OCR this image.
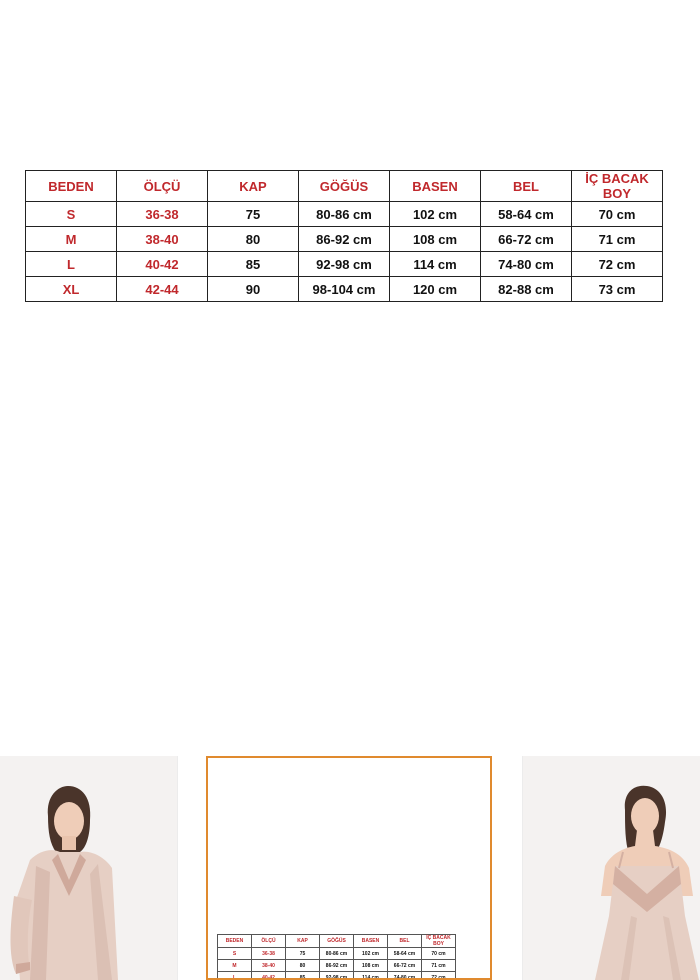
BEDEN	ÖLÇÜ	KAP	GÖĞÜS	BASEN	BEL	İÇ BACAK BOY
S	36-38	75	80-86 cm	102 cm	58-64 cm	70 cm
M	38-40	80	86-92 cm	108 cm	66-72 cm	71 cm
L	40-42	85	92-98 cm	114 cm	74-80 cm	72 cm
XL	42-44	90	98-104 cm	120 cm	82-88 cm	73 cm
BEDEN	ÖLÇÜ	KAP	GÖĞÜS	BASEN	BEL	İÇ BACAK BOY
S	36-38	75	80-86 cm	102 cm	58-64 cm	70 cm
M	38-40	80	86-92 cm	108 cm	66-72 cm	71 cm
L	40-42	85	92-98 cm	114 cm	74-80 cm	72 cm
